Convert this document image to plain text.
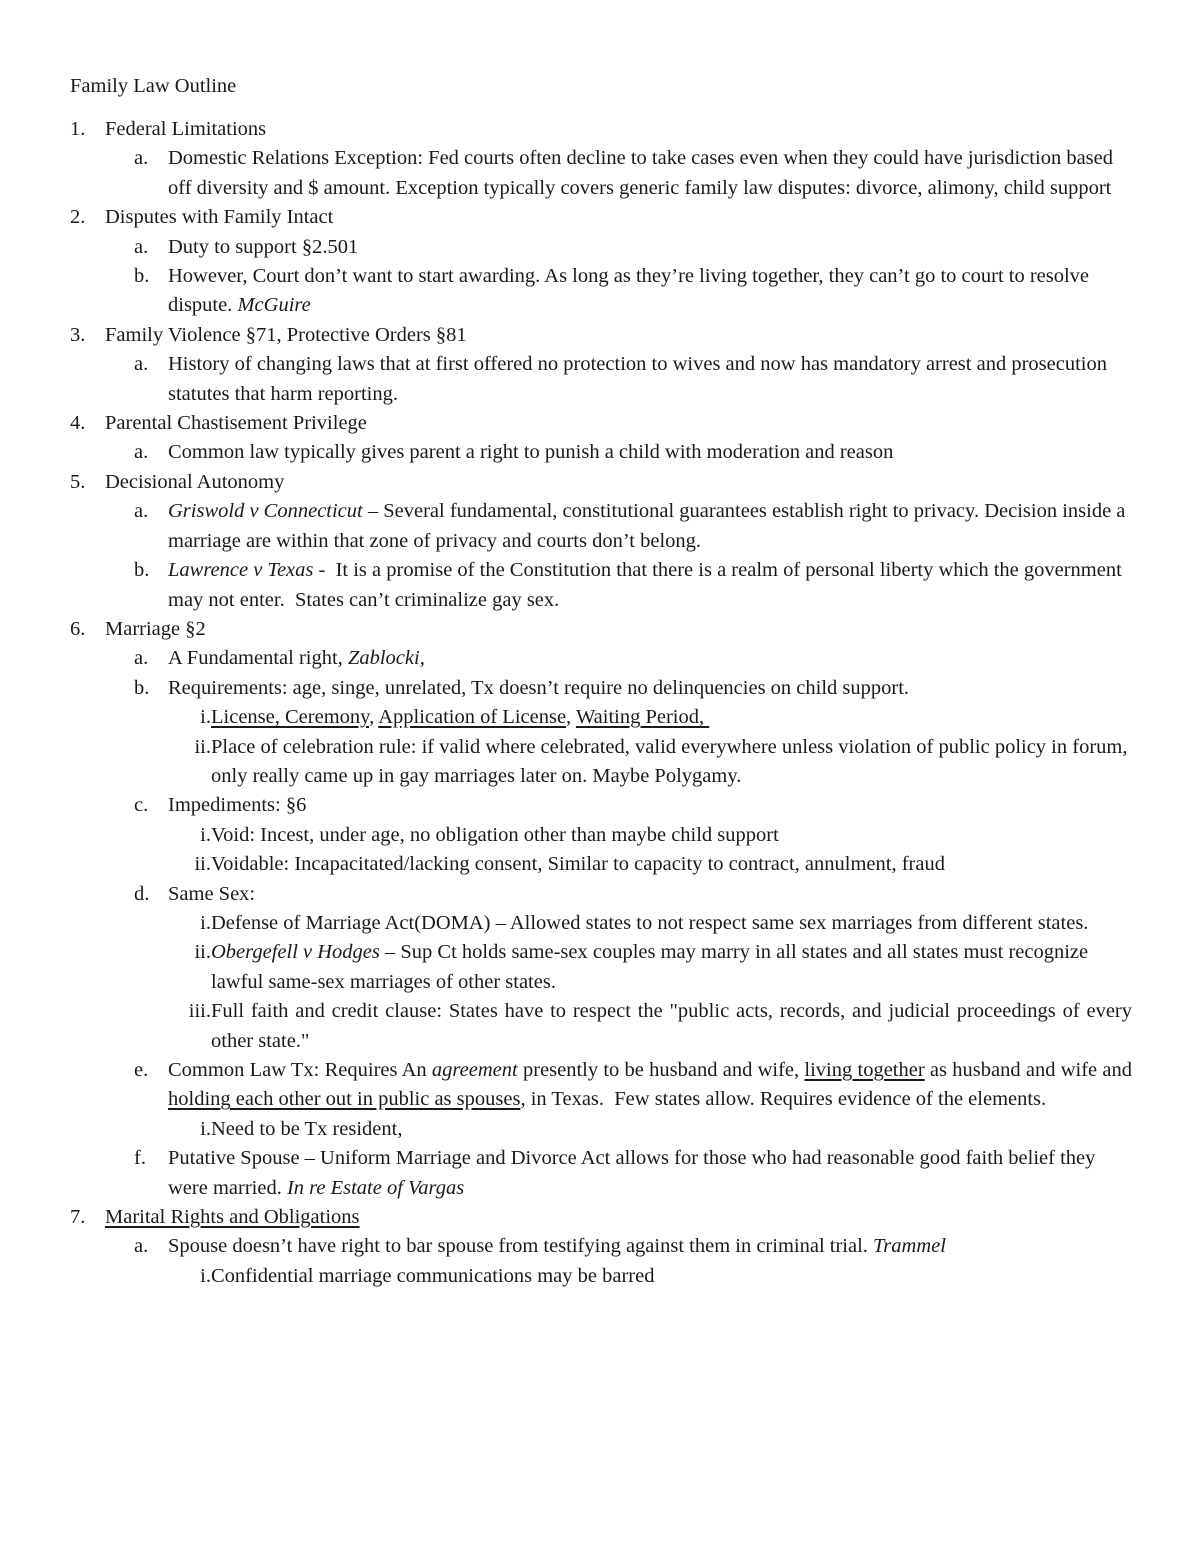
Family Law Outline
1. Federal Limitations
a. Domestic Relations Exception: Fed courts often decline to take cases even when they could have jurisdiction based off diversity and $ amount. Exception typically covers generic family law disputes: divorce, alimony, child support
2. Disputes with Family Intact
a. Duty to support §2.501
b. However, Court don’t want to start awarding. As long as they’re living together, they can’t go to court to resolve dispute. McGuire
3. Family Violence §71, Protective Orders §81
a. History of changing laws that at first offered no protection to wives and now has mandatory arrest and prosecution statutes that harm reporting.
4. Parental Chastisement Privilege
a. Common law typically gives parent a right to punish a child with moderation and reason
5. Decisional Autonomy
a. Griswold v Connecticut – Several fundamental, constitutional guarantees establish right to privacy. Decision inside a marriage are within that zone of privacy and courts don’t belong.
b. Lawrence v Texas -  It is a promise of the Constitution that there is a realm of personal liberty which the government may not enter.  States can’t criminalize gay sex.
6. Marriage §2
a. A Fundamental right, Zablocki,
b. Requirements: age, singe, unrelated, Tx doesn’t require no delinquencies on child support.
i. License, Ceremony, Application of License, Waiting Period,
ii. Place of celebration rule: if valid where celebrated, valid everywhere unless violation of public policy in forum, only really came up in gay marriages later on. Maybe Polygamy.
c. Impediments: §6
i. Void: Incest, under age, no obligation other than maybe child support
ii. Voidable: Incapacitated/lacking consent, Similar to capacity to contract, annulment, fraud
d. Same Sex:
i. Defense of Marriage Act(DOMA) – Allowed states to not respect same sex marriages from different states.
ii. Obergefell v Hodges – Sup Ct holds same-sex couples may marry in all states and all states must recognize lawful same-sex marriages of other states.
iii. Full faith and credit clause: States have to respect the "public acts, records, and judicial proceedings of every other state."
e. Common Law Tx: Requires An agreement presently to be husband and wife, living together as husband and wife and holding each other out in public as spouses, in Texas.  Few states allow. Requires evidence of the elements.
i. Need to be Tx resident,
f.	Putative Spouse – Uniform Marriage and Divorce Act allows for those who had reasonable good faith belief they were married. In re Estate of Vargas
7. Marital Rights and Obligations
a. Spouse doesn’t have right to bar spouse from testifying against them in criminal trial. Trammel
i. Confidential marriage communications may be barred
